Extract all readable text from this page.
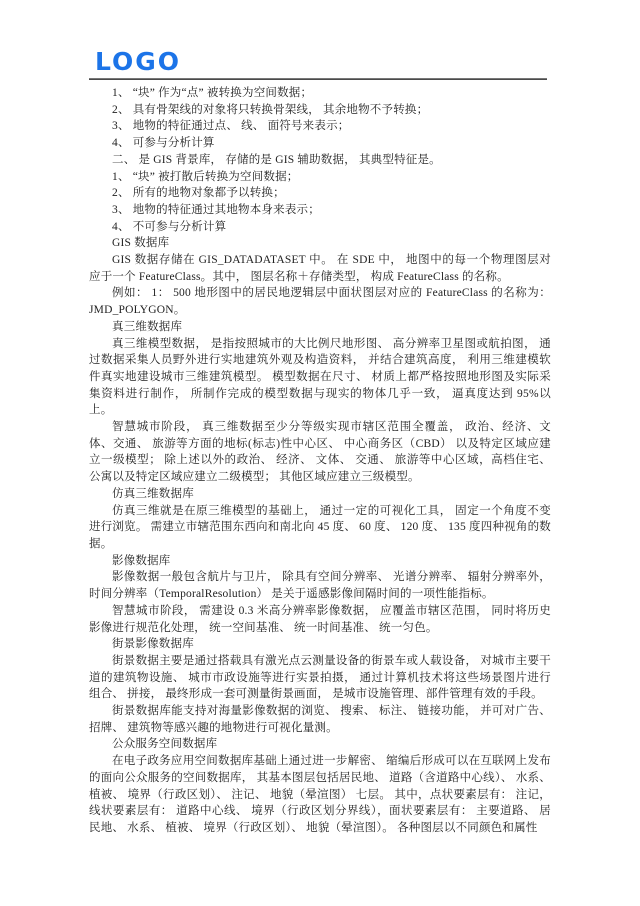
LOGO

1、 “块” 作为“点” 被转换为空间数据；

2、 具有骨架线的对象将只转换骨架线， 其余地物不予转换；

3、 地物的特征通过点、 线、 面符号来表示；

4、 可参与分析计算

二、 是 GIS 背景库， 存储的是 GIS 辅助数据， 其典型特征是。

1、 “块” 被打散后转换为空间数据；

2、 所有的地物对象都予以转换；

3、 地物的特征通过其地物本身来表示；

4、 不可参与分析计算

GIS 数据库

GIS 数据存储在 GIS_DATADATASET 中。 在 SDE 中， 地图中的每一个物理图层对应于一个 FeatureClass。其中， 图层名称＋存储类型， 构成 FeatureClass 的名称。

例如： 1： 500 地形图中的居民地逻辑层中面状图层对应的 FeatureClass 的名称为： JMD_POLYGON。

真三维数据库

真三维模型数据， 是指按照城市的大比例尺地形图、 高分辨率卫星图或航拍图， 通过数据采集人员野外进行实地建筑外观及构造资料， 并结合建筑高度， 利用三维建模软件真实地建设城市三维建筑模型。 模型数据在尺寸、 材质上都严格按照地形图及实际采集资料进行制作， 所制作完成的模型数据与现实的物体几乎一致， 逼真度达到 95%以上。

智慧城市阶段， 真三维数据至少分等级实现市辖区范围全覆盖， 政治、经济、文体、交通、 旅游等方面的地标(标志)性中心区、 中心商务区（CBD） 以及特定区域应建立一级模型； 除上述以外的政治、 经济、 文体、 交通、 旅游等中心区域，高档住宅、 公寓以及特定区域应建立二级模型； 其他区域应建立三级模型。

仿真三维数据库

仿真三维就是在原三维模型的基础上， 通过一定的可视化工具， 固定一个角度不变进行浏览。 需建立市辖范围东西向和南北向 45 度、 60 度、 120 度、 135 度四种视角的数据。

影像数据库

影像数据一般包含航片与卫片， 除具有空间分辨率、 光谱分辨率、 辐射分辨率外，时间分辨率（TemporalResolution） 是关于遥感影像间隔时间的一项性能指标。

智慧城市阶段， 需建设 0.3 米高分辨率影像数据， 应覆盖市辖区范围， 同时将历史影像进行规范化处理， 统一空间基准、 统一时间基准、 统一匀色。

街景影像数据库

街景数据主要是通过搭载具有激光点云测量设备的街景车或人载设备， 对城市主要干道的建筑物设施、 城市市政设施等进行实景拍摄， 通过计算机技术将这些场景图片进行组合、 拼接， 最终形成一套可测量街景画面， 是城市设施管理、部件管理有效的手段。

街景数据库能支持对海量影像数据的浏览、 搜索、 标注、 链接功能， 并可对广告、招牌、 建筑物等感兴趣的地物进行可视化量测。

公众服务空间数据库

在电子政务应用空间数据库基础上通过进一步解密、 缩编后形成可以在互联网上发布的面向公众服务的空间数据库， 其基本图层包括居民地、 道路（含道路中心线）、 水系、植被、 境界（行政区划）、 注记、 地貌（晕渲图） 七层。 其中，点状要素层有： 注记，线状要素层有： 道路中心线、 境界（行政区划分界线），面状要素层有： 主要道路、 居民地、 水系、 植被、 境界（行政区划）、 地貌（晕渲图）。 各种图层以不同颜色和属性
